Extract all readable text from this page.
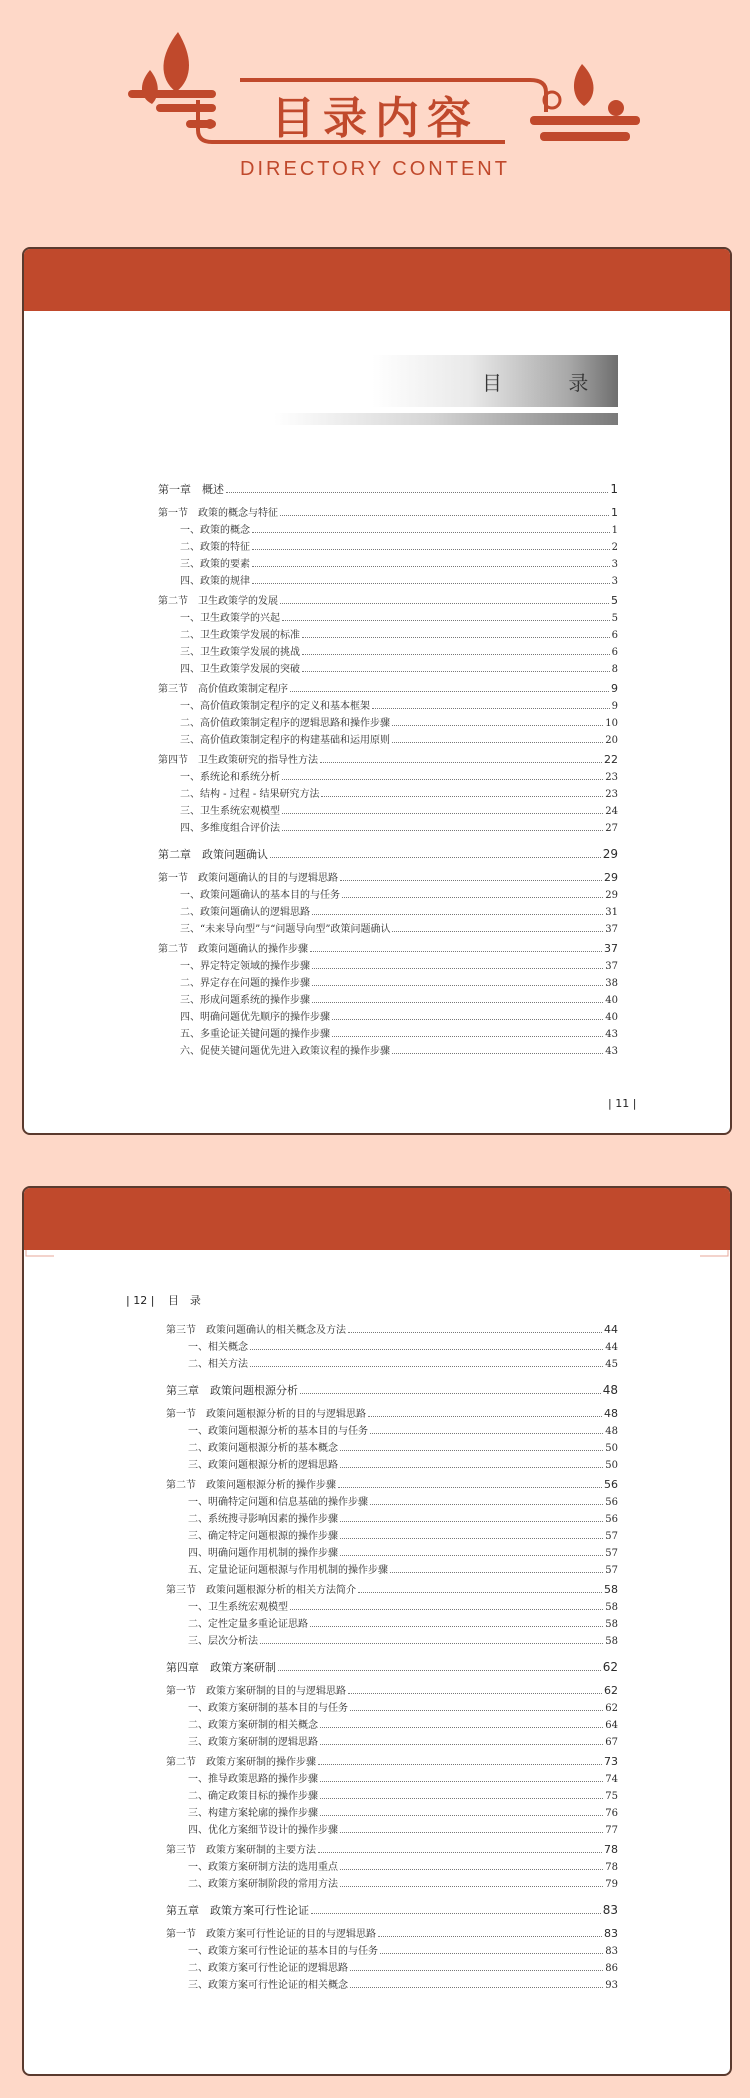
目录内容
DIRECTORY CONTENT
目 录
第一章　概述	1
第一节　政策的概念与特征	1
一、政策的概念	1
二、政策的特征	2
三、政策的要素	3
四、政策的规律	3
第二节　卫生政策学的发展	5
一、卫生政策学的兴起	5
二、卫生政策学发展的标准	6
三、卫生政策学发展的挑战	6
四、卫生政策学发展的突破	8
第三节　高价值政策制定程序	9
一、高价值政策制定程序的定义和基本框架	9
二、高价值政策制定程序的逻辑思路和操作步骤	10
三、高价值政策制定程序的构建基础和运用原则	20
第四节　卫生政策研究的指导性方法	22
一、系统论和系统分析	23
二、结构 - 过程 - 结果研究方法	23
三、卫生系统宏观模型	24
四、多维度组合评价法	27
第二章　政策问题确认	29
第一节　政策问题确认的目的与逻辑思路	29
一、政策问题确认的基本目的与任务	29
二、政策问题确认的逻辑思路	31
三、“未来导向型”与“问题导向型”政策问题确认	37
第二节　政策问题确认的操作步骤	37
一、界定特定领域的操作步骤	37
二、界定存在问题的操作步骤	38
三、形成问题系统的操作步骤	40
四、明确问题优先顺序的操作步骤	40
五、多重论证关键问题的操作步骤	43
六、促使关键问题优先进入政策议程的操作步骤	43
| 11 |
| 12 | 目　录
第三节　政策问题确认的相关概念及方法	44
一、相关概念	44
二、相关方法	45
第三章　政策问题根源分析	48
第一节　政策问题根源分析的目的与逻辑思路	48
一、政策问题根源分析的基本目的与任务	48
二、政策问题根源分析的基本概念	50
三、政策问题根源分析的逻辑思路	50
第二节　政策问题根源分析的操作步骤	56
一、明确特定问题和信息基础的操作步骤	56
二、系统搜寻影响因素的操作步骤	56
三、确定特定问题根源的操作步骤	57
四、明确问题作用机制的操作步骤	57
五、定量论证问题根源与作用机制的操作步骤	57
第三节　政策问题根源分析的相关方法简介	58
一、卫生系统宏观模型	58
二、定性定量多重论证思路	58
三、层次分析法	58
第四章　政策方案研制	62
第一节　政策方案研制的目的与逻辑思路	62
一、政策方案研制的基本目的与任务	62
二、政策方案研制的相关概念	64
三、政策方案研制的逻辑思路	67
第二节　政策方案研制的操作步骤	73
一、推导政策思路的操作步骤	74
二、确定政策目标的操作步骤	75
三、构建方案轮廓的操作步骤	76
四、优化方案细节设计的操作步骤	77
第三节　政策方案研制的主要方法	78
一、政策方案研制方法的选用重点	78
二、政策方案研制阶段的常用方法	79
第五章　政策方案可行性论证	83
第一节　政策方案可行性论证的目的与逻辑思路	83
一、政策方案可行性论证的基本目的与任务	83
二、政策方案可行性论证的逻辑思路	86
三、政策方案可行性论证的相关概念	93
